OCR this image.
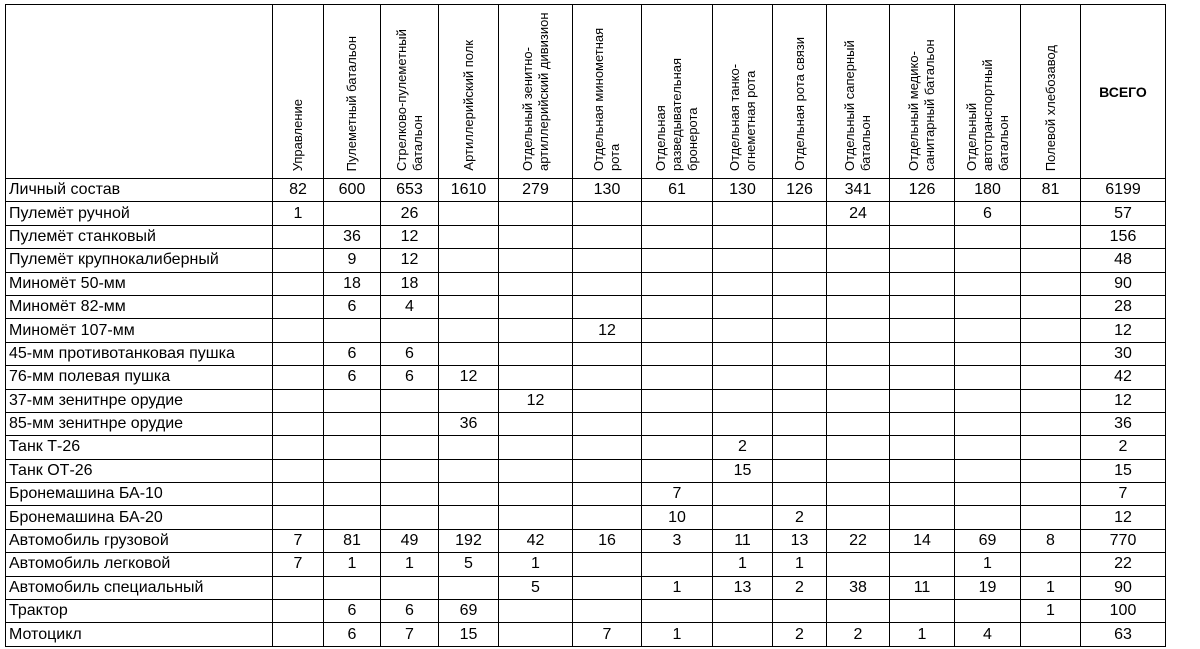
	Управление	Пулеметный батальон	Стрелково-пулеметный батальон	Артиллерийский полк	Отдельный зенитно-артиллерийский дивизион	Отдельная минометная рота	Отдельная разведывательная бронерота	Отдельная танко-огнеметная рота	Отдельная рота связи	Отдельный саперный батальон	Отдельный медико-санитарный батальон	Отдельный автотранспортный батальон	Полевой хлебозавод	ВСЕГО
Личный состав	82	600	653	1610	279	130	61	130	126	341	126	180	81	6199
Пулемёт ручной	1		26							24		6		57
Пулемёт станковый		36	12											156
Пулемёт крупнокалиберный		9	12											48
Миномёт 50-мм		18	18											90
Миномёт 82-мм		6	4											28
Миномёт 107-мм						12								12
45-мм противотанковая пушка		6	6											30
76-мм полевая пушка		6	6	12										42
37-мм зенитнре орудие					12									12
85-мм зенитнре орудие				36										36
Танк Т-26								2						2
Танк ОТ-26								15						15
Бронемашина БА-10							7							7
Бронемашина БА-20							10		2					12
Автомобиль грузовой	7	81	49	192	42	16	3	11	13	22	14	69	8	770
Автомобиль легковой	7	1	1	5	1			1	1			1		22
Автомобиль специальный					5		1	13	2	38	11	19	1	90
Трактор		6	6	69									1	100
Мотоцикл		6	7	15		7	1		2	2	1	4		63
